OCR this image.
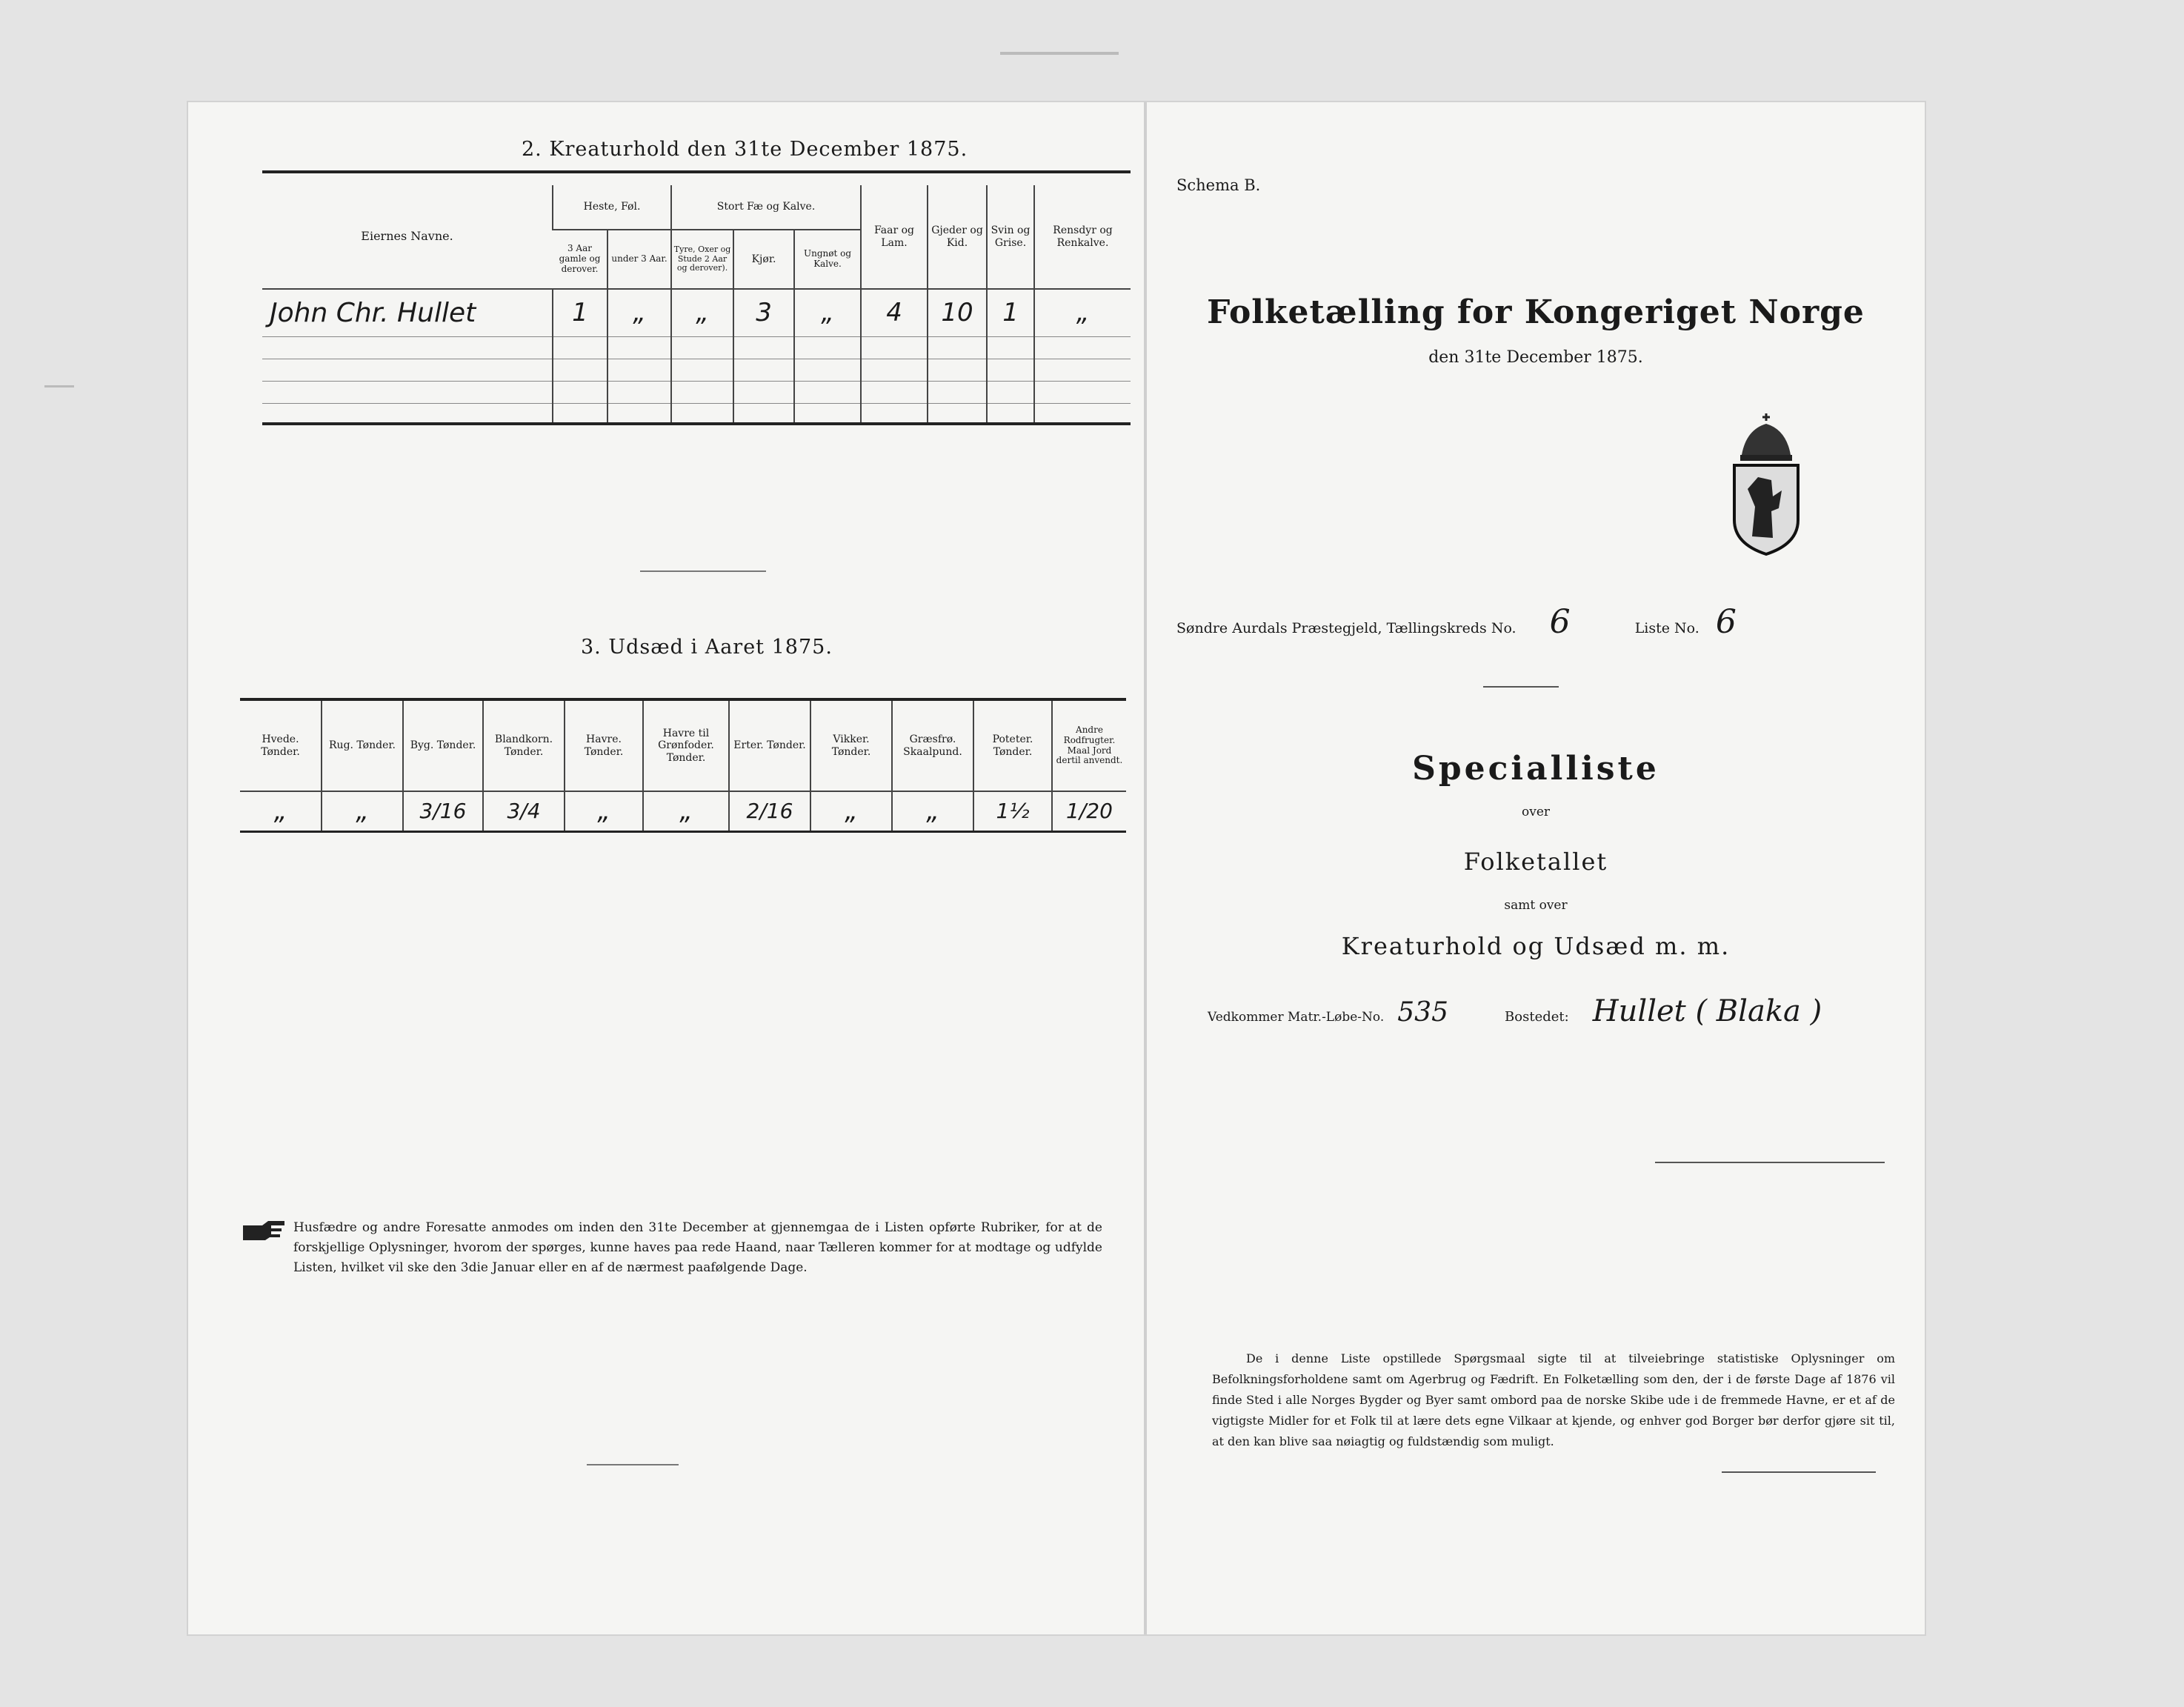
2. Kreaturhold den 31te December 1875.
Eiernes Navne.	Heste, Føl.		Stort Fæ og Kalve.			Faar og Lam.	Gjeder og Kid.	Svin og Grise.	Rensdyr og Renkalve.
	3 Aar gamle og derover.	under 3 Aar.	Tyre, Oxer og Stude 2 Aar og derover).	Kjør.	Ungnøt og Kalve.				
John Chr. Hullet	1	„	„	3	„	4	10	1	„

3. Udsæd i Aaret 1875.
Hvede. Tønder.	Rug. Tønder.	Byg. Tønder.	Blandkorn. Tønder.	Havre. Tønder.	Havre til Grønfoder. Tønder.	Erter. Tønder.	Vikker. Tønder.	Græsfrø. Skaalpund.	Poteter. Tønder.	Andre Rodfrugter. Maal Jord dertil anvendt.
„	„	3/16	3/4	„	„	2/16	„	„	1½	1/20
Husfædre og andre Foresatte anmodes om inden den 31te December at gjennemgaa de i Listen opførte Rubriker, for at de forskjellige Oplysninger, hvorom der spørges, kunne haves paa rede Haand, naar Tælleren kommer for at modtage og udfylde Listen, hvilket vil ske den 3die Januar eller en af de nærmest paafølgende Dage.
Schema B.
Folketælling for Kongeriget Norge
den 31te December 1875.
Søndre Aurdals Præstegjeld, Tællingskreds No. 6	Liste No. 6
Specialliste
over
Folketallet
samt over
Kreaturhold og Udsæd m. m.
Vedkommer Matr.-Løbe-No. 535	Bostedet: Hullet ( Blaka )
De i denne Liste opstillede Spørgsmaal sigte til at tilveiebringe statistiske Oplysninger om Befolkningsforholdene samt om Agerbrug og Fædrift. En Folketælling som den, der i de første Dage af 1876 vil finde Sted i alle Norges Bygder og Byer samt ombord paa de norske Skibe ude i de fremmede Havne, er et af de vigtigste Midler for et Folk til at lære dets egne Vilkaar at kjende, og enhver god Borger bør derfor gjøre sit til, at den kan blive saa nøiagtig og fuldstændig som muligt.
